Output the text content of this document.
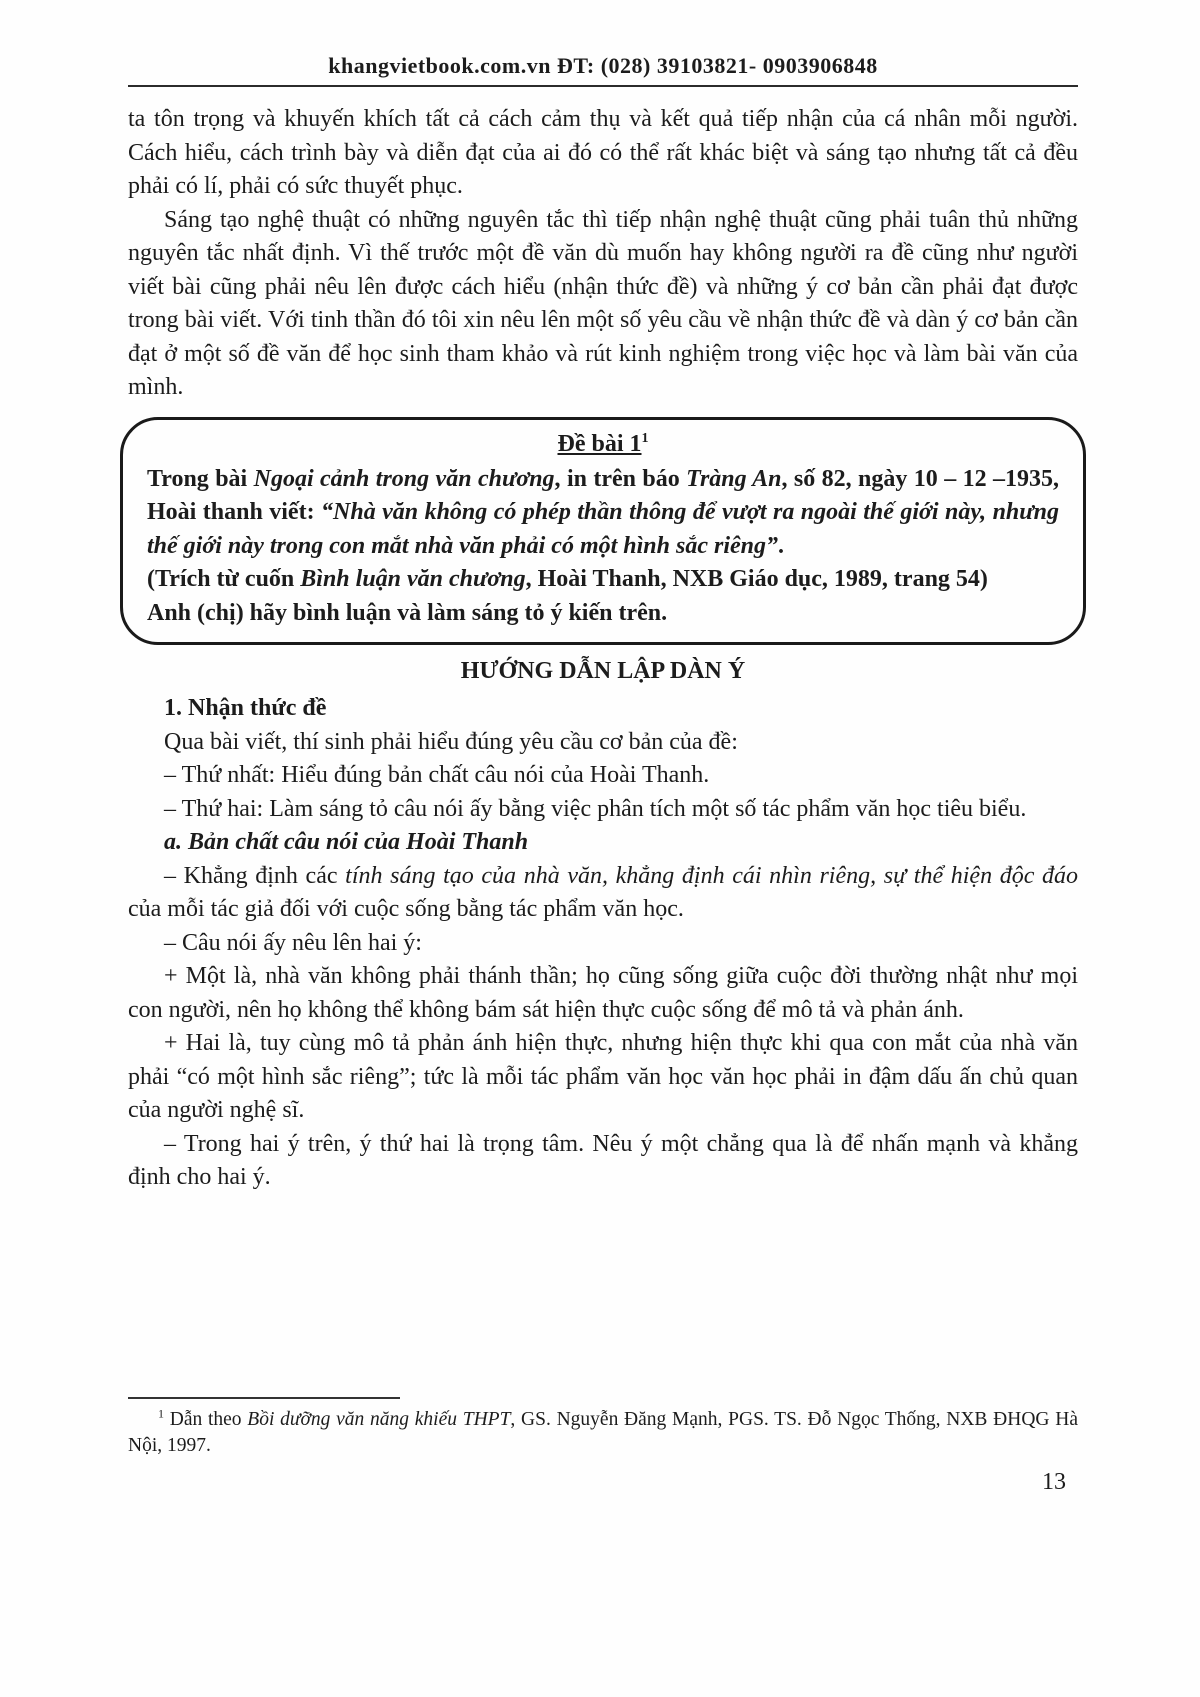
khangvietbook.com.vn ĐT: (028) 39103821- 0903906848

ta tôn trọng và khuyến khích tất cả cách cảm thụ và kết quả tiếp nhận của cá nhân mỗi người. Cách hiểu, cách trình bày và diễn đạt của ai đó có thể rất khác biệt và sáng tạo nhưng tất cả đều phải có lí, phải có sức thuyết phục.

Sáng tạo nghệ thuật có những nguyên tắc thì tiếp nhận nghệ thuật cũng phải tuân thủ những nguyên tắc nhất định. Vì thế trước một đề văn dù muốn hay không người ra đề cũng như người viết bài cũng phải nêu lên được cách hiểu (nhận thức đề) và những ý cơ bản cần phải đạt được trong bài viết. Với tinh thần đó tôi xin nêu lên một số yêu cầu về nhận thức đề và dàn ý cơ bản cần đạt ở một số đề văn để học sinh tham khảo và rút kinh nghiệm trong việc học và làm bài văn của mình.

Đề bài 1$^1$

Trong bài Ngoại cảnh trong văn chương, in trên báo Tràng An, số 82, ngày 10 – 12 –1935, Hoài thanh viết: “Nhà văn không có phép thần thông để vượt ra ngoài thế giới này, nhưng thế giới này trong con mắt nhà văn phải có một hình sắc riêng”.

(Trích từ cuốn Bình luận văn chương, Hoài Thanh, NXB Giáo dục, 1989, trang 54)

Anh (chị) hãy bình luận và làm sáng tỏ ý kiến trên.

HƯỚNG DẪN LẬP DÀN Ý

1. Nhận thức đề

Qua bài viết, thí sinh phải hiểu đúng yêu cầu cơ bản của đề:

– Thứ nhất: Hiểu đúng bản chất câu nói của Hoài Thanh.

– Thứ hai: Làm sáng tỏ câu nói ấy bằng việc phân tích một số tác phẩm văn học tiêu biểu.

a. Bản chất câu nói của Hoài Thanh

– Khẳng định các tính sáng tạo của nhà văn, khẳng định cái nhìn riêng, sự thể hiện độc đáo của mỗi tác giả đối với cuộc sống bằng tác phẩm văn học.

– Câu nói ấy nêu lên hai ý:

+ Một là, nhà văn không phải thánh thần; họ cũng sống giữa cuộc đời thường nhật như mọi con người, nên họ không thể không bám sát hiện thực cuộc sống để mô tả và phản ánh.

+ Hai là, tuy cùng mô tả phản ánh hiện thực, nhưng hiện thực khi qua con mắt của nhà văn phải “có một hình sắc riêng”; tức là mỗi tác phẩm văn học văn học phải in đậm dấu ấn chủ quan của người nghệ sĩ.

– Trong hai ý trên, ý thứ hai là trọng tâm. Nêu ý một chẳng qua là để nhấn mạnh và khẳng định cho hai ý.

$^1$ Dẫn theo Bồi dưỡng văn năng khiếu THPT, GS. Nguyễn Đăng Mạnh, PGS. TS. Đỗ Ngọc Thống, NXB ĐHQG Hà Nội, 1997.

13
